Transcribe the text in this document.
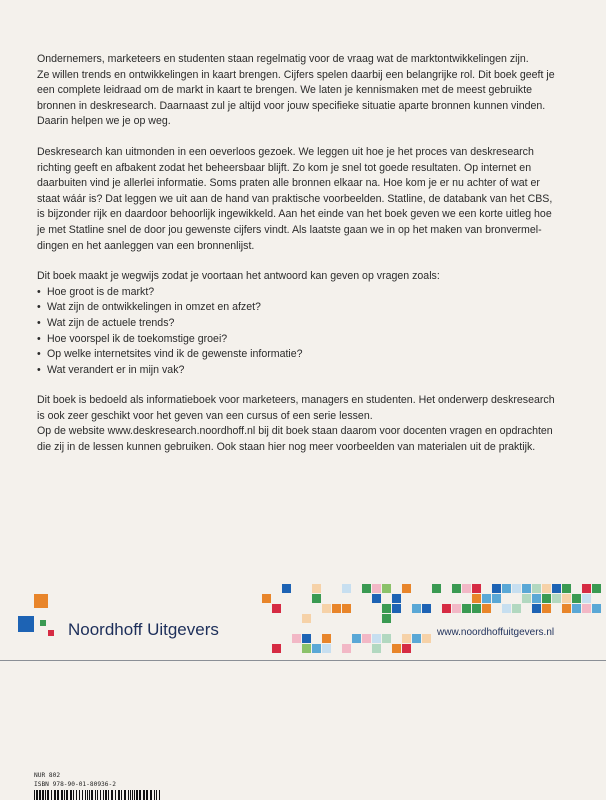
Ondernemers, marketeers en studenten staan regelmatig voor de vraag wat de marktontwikkelingen zijn.
Ze willen trends en ontwikkelingen in kaart brengen. Cijfers spelen daarbij een belangrijke rol. Dit boek geeft je
een complete leidraad om de markt in kaart te brengen. We laten je kennismaken met de meest gebruikte
bronnen in deskresearch. Daarnaast zul je altijd voor jouw specifieke situatie aparte bronnen kunnen vinden.
Daarin helpen we je op weg.

Deskresearch kan uitmonden in een oeverloos gezoek. We leggen uit hoe je het proces van deskresearch
richting geeft en afbakent zodat het beheersbaar blijft. Zo kom je snel tot goede resultaten. Op internet en
daarbuiten vind je allerlei informatie. Soms praten alle bronnen elkaar na. Hoe kom je er nu achter of wat er
staat wáár is? Dat leggen we uit aan de hand van praktische voorbeelden. Statline, de databank van het CBS,
is bijzonder rijk en daardoor behoorlijk ingewikkeld. Aan het einde van het boek geven we een korte uitleg hoe
je met Statline snel de door jou gewenste cijfers vindt. Als laatste gaan we in op het maken van bronvermel-
dingen en het aanleggen van een bronnenlijst.

Dit boek maakt je wegwijs zodat je voortaan het antwoord kan geven op vragen zoals:

• Hoe groot is de markt?
• Wat zijn de ontwikkelingen in omzet en afzet?
• Wat zijn de actuele trends?
• Hoe voorspel ik de toekomstige groei?
• Op welke internetsites vind ik de gewenste informatie?
• Wat verandert er in mijn vak?

Dit boek is bedoeld als informatieboek voor marketeers, managers en studenten. Het onderwerp deskresearch
is ook zeer geschikt voor het geven van een cursus of een serie lessen.
Op de website www.deskresearch.noordhoff.nl bij dit boek staan daarom voor docenten vragen en opdrachten
die zij in de lessen kunnen gebruiken. Ook staan hier nog meer voorbeelden van materialen uit de praktijk.

Noordhoff Uitgevers	www.noordhoffuitgevers.nl
NUR 802
ISBN 978-90-01-80936-2
